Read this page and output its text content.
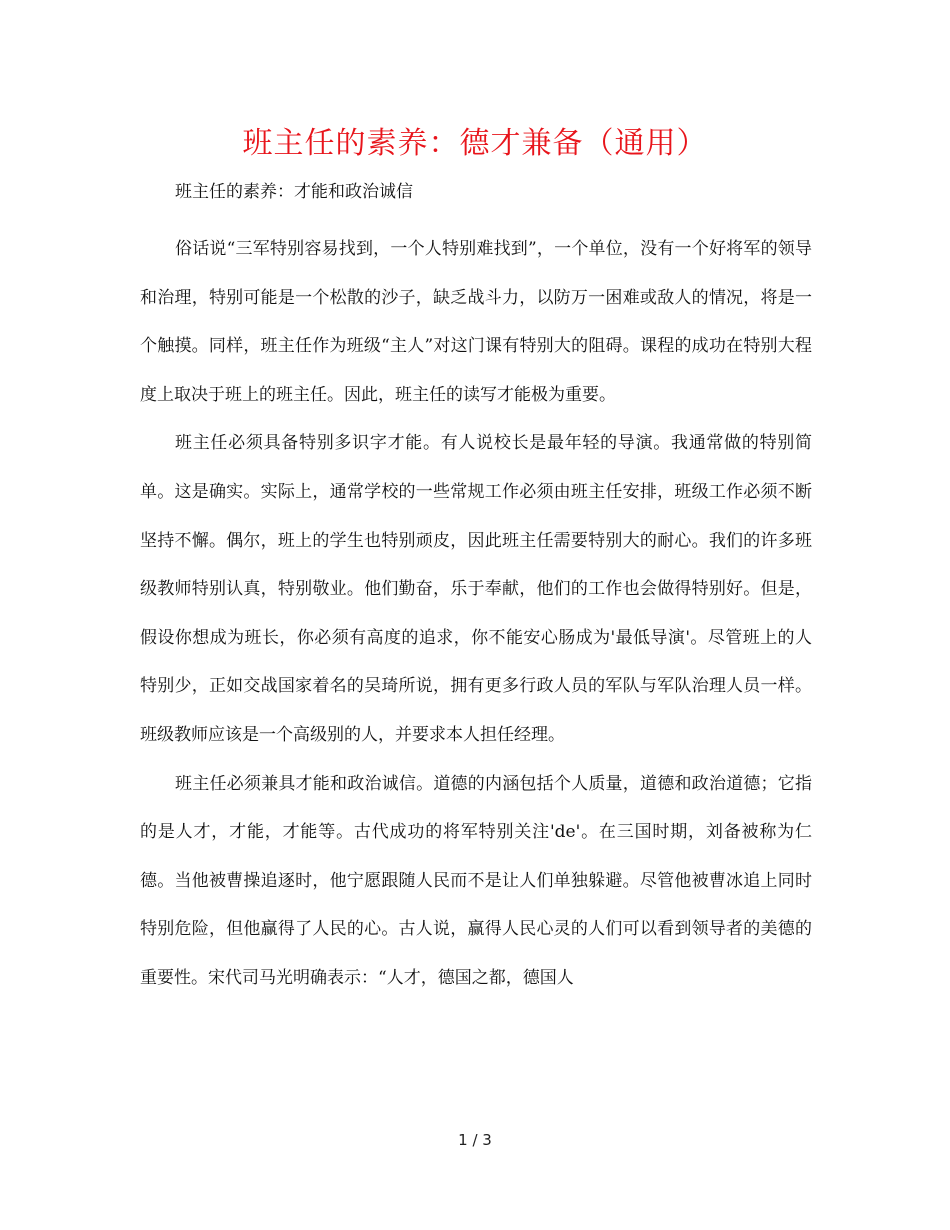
班主任的素养：德才兼备（通用）

班主任的素养：才能和政治诚信

俗话说“三军特别容易找到，一个人特别难找到”，一个单位，没有一个好将军的领导和治理，特别可能是一个松散的沙子，缺乏战斗力，以防万一困难或敌人的情况，将是一个触摸。同样，班主任作为班级“主人”对这门课有特别大的阻碍。课程的成功在特别大程度上取决于班上的班主任。因此，班主任的读写才能极为重要。

班主任必须具备特别多识字才能。有人说校长是最年轻的导演。我通常做的特别简单。这是确实。实际上，通常学校的一些常规工作必须由班主任安排，班级工作必须不断坚持不懈。偶尔，班上的学生也特别顽皮，因此班主任需要特别大的耐心。我们的许多班级教师特别认真，特别敬业。他们勤奋，乐于奉献，他们的工作也会做得特别好。但是，假设你想成为班长，你必须有高度的追求，你不能安心肠成为'最低导演'。尽管班上的人特别少，正如交战国家着名的吴琦所说，拥有更多行政人员的军队与军队治理人员一样。班级教师应该是一个高级别的人，并要求本人担任经理。

班主任必须兼具才能和政治诚信。道德的内涵包括个人质量，道德和政治道德；它指的是人才，才能，才能等。古代成功的将军特别关注'de'。在三国时期，刘备被称为仁德。当他被曹操追逐时，他宁愿跟随人民而不是让人们单独躲避。尽管他被曹冰追上同时特别危险，但他赢得了人民的心。古人说，赢得人民心灵的人们可以看到领导者的美德的重要性。宋代司马光明确表示：“人才，德国之都，德国人

1 / 3
